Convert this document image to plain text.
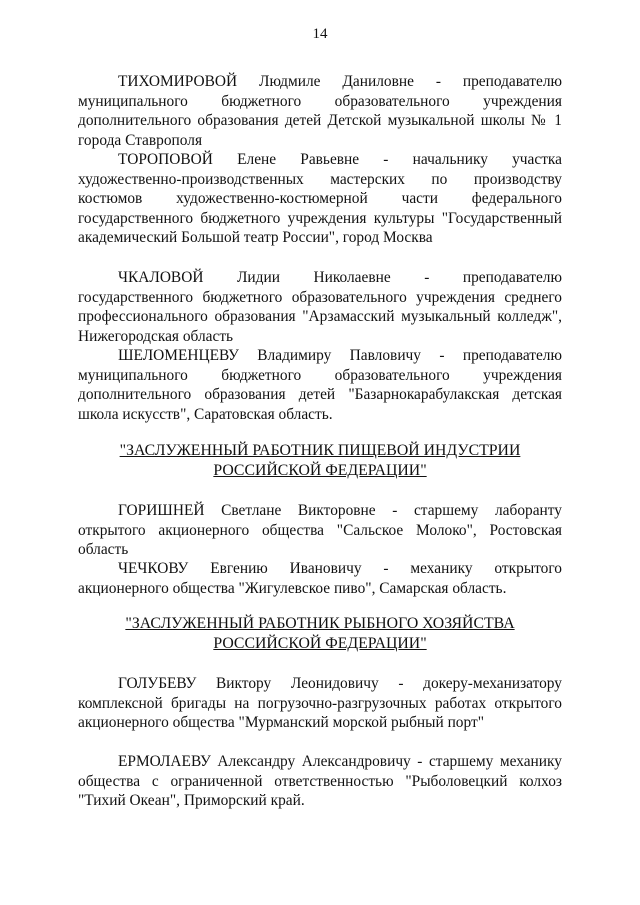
14
ТИХОМИРОВОЙ Людмиле Даниловне - преподавателю муниципального бюджетного образовательного учреждения дополнительного образования детей Детской музыкальной школы № 1 города Ставрополя
ТОРОПОВОЙ Елене Равьевне - начальнику участка художественно-производственных мастерских по производству костюмов художественно-костюмерной части федерального государственного бюджетного учреждения культуры "Государственный академический Большой театр России", город Москва
ЧКАЛОВОЙ Лидии Николаевне - преподавателю государственного бюджетного образовательного учреждения среднего профессионального образования "Арзамасский музыкальный колледж", Нижегородская область
ШЕЛОМЕНЦЕВУ Владимиру Павловичу - преподавателю муниципального бюджетного образовательного учреждения дополнительного образования детей "Базарнокарабулакская детская школа искусств", Саратовская область.
"ЗАСЛУЖЕННЫЙ РАБОТНИК ПИЩЕВОЙ ИНДУСТРИИ
РОССИЙСКОЙ ФЕДЕРАЦИИ"
ГОРИШНЕЙ Светлане Викторовне - старшему лаборанту открытого акционерного общества "Сальское Молоко", Ростовская область
ЧЕЧКОВУ Евгению Ивановичу - механику открытого акционерного общества "Жигулевское пиво", Самарская область.
"ЗАСЛУЖЕННЫЙ РАБОТНИК РЫБНОГО ХОЗЯЙСТВА
РОССИЙСКОЙ ФЕДЕРАЦИИ"
ГОЛУБЕВУ Виктору Леонидовичу - докеру-механизатору комплексной бригады на погрузочно-разгрузочных работах открытого акционерного общества "Мурманский морской рыбный порт"
ЕРМОЛАЕВУ Александру Александровичу - старшему механику общества с ограниченной ответственностью "Рыболовецкий колхоз "Тихий Океан", Приморский край.
